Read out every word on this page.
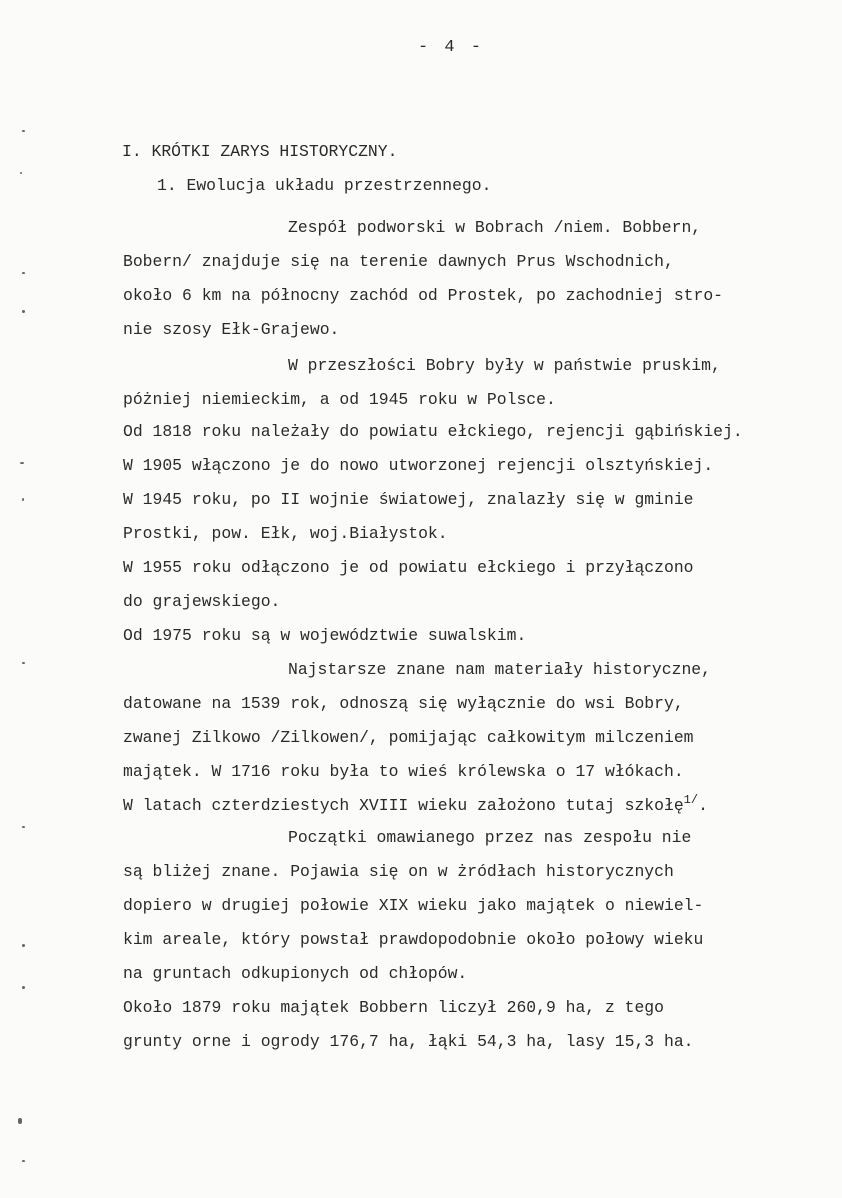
- 4 -
I. KRÓTKI ZARYS HISTORYCZNY.
1. Ewolucja układu przestrzennego.
Zespół podworski w Bobrach /niem. Bobbern,
Bobern/ znajduje się na terenie dawnych Prus Wschodnich,
około 6 km na północny zachód od Prostek, po zachodniej stro-
nie szosy Ełk-Grajewo.
W przeszłości Bobry były w państwie pruskim,
póżniej niemieckim, a od 1945 roku w Polsce.
Od 1818 roku należały do powiatu ełckiego, rejencji gąbińskiej.
W 1905 włączono je do nowo utworzonej rejencji olsztyńskiej.
W 1945 roku, po II wojnie światowej, znalazły się w gminie
Prostki, pow. Ełk, woj.Białystok.
W 1955 roku odłączono je od powiatu ełckiego i przyłączono
do grajewskiego.
Od 1975 roku są w województwie suwalskim.
Najstarsze znane nam materiały historyczne,
datowane na 1539 rok, odnoszą się wyłącznie do wsi Bobry,
zwanej Zilkowo /Zilkowen/, pomijając całkowitym milczeniem
majątek. W 1716 roku była to wieś królewska o 17 włókach.
W latach czterdziestych XVIII wieku założono tutaj szkołę$^{1/}$.
Początki omawianego przez nas zespołu nie
są bliżej znane. Pojawia się on w żródłach historycznych
dopiero w drugiej połowie XIX wieku jako majątek o niewiel-
kim areale, który powstał prawdopodobnie około połowy wieku
na gruntach odkupionych od chłopów.
Około 1879 roku majątek Bobbern liczył 260,9 ha, z tego
grunty orne i ogrody 176,7 ha, łąki 54,3 ha, lasy 15,3 ha.
